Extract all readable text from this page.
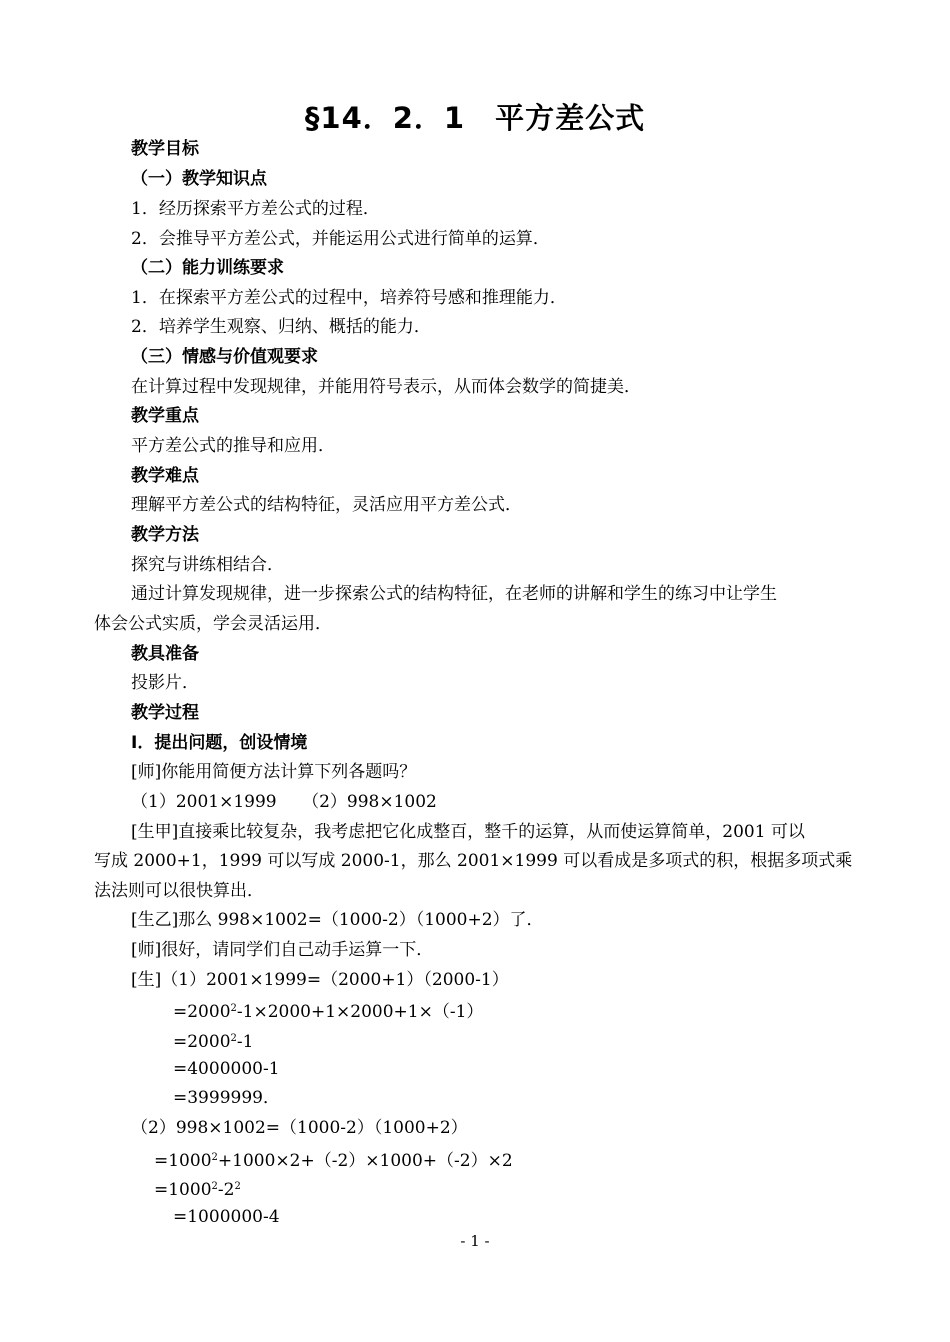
§14．2．1　平方差公式
教学目标
（一）教学知识点
1．经历探索平方差公式的过程．
2．会推导平方差公式，并能运用公式进行简单的运算．
（二）能力训练要求
1．在探索平方差公式的过程中，培养符号感和推理能力．
2．培养学生观察、归纳、概括的能力．
（三）情感与价值观要求
在计算过程中发现规律，并能用符号表示，从而体会数学的简捷美．
教学重点
平方差公式的推导和应用．
教学难点
理解平方差公式的结构特征，灵活应用平方差公式．
教学方法
探究与讲练相结合．
通过计算发现规律，进一步探索公式的结构特征，在老师的讲解和学生的练习中让学生
体会公式实质，学会灵活运用．
教具准备
投影片．
教学过程
Ⅰ．提出问题，创设情境
[师]你能用简便方法计算下列各题吗？
（1）2001×1999　　（2）998×1002
[生甲]直接乘比较复杂，我考虑把它化成整百，整千的运算，从而使运算简单，2001 可以
写成 2000+1，1999 可以写成 2000-1，那么 2001×1999 可以看成是多项式的积，根据多项式乘
法法则可以很快算出．
[生乙]那么 998×1002=（1000-2）（1000+2）了．
[师]很好，请同学们自己动手运算一下．
[生]（1）2001×1999=（2000+1）（2000-1）
$=2000^2-1\times 2000+1\times 2000+1\times(-1)$
$=2000^2-1$
=4000000-1
=3999999．
（2）998×1002=（1000-2）（1000+2）
$=1000^2+1000\times 2+(-2)\times 1000+(-2)\times 2$
$=1000^2-2^2$
=1000000-4
- 1 -
